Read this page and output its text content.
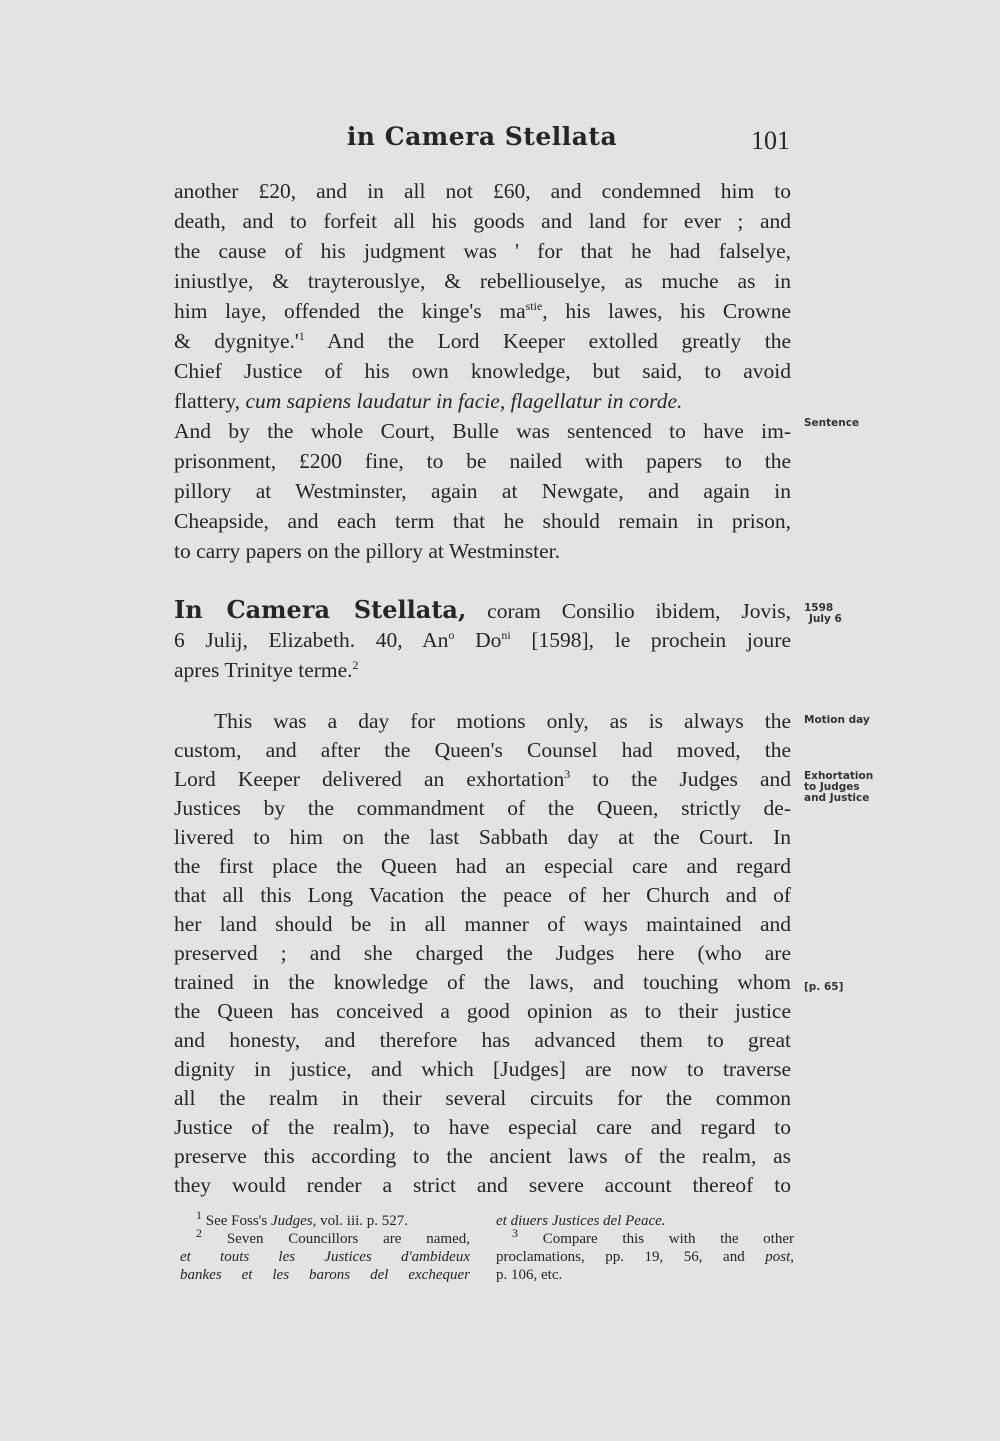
in Camera Stellata	101
another £20, and in all not £60, and condemned him to
death, and to forfeit all his goods and land for ever ; and
the cause of his judgment was ' for that he had falselye,
iniustlye, & trayterouslye, & rebelliouselye, as muche as in
him laye, offended the kinge's $ma^{stie}$, his lawes, his Crowne
& $dygnitye.'^1$ And the Lord Keeper extolled greatly the
Chief Justice of his own knowledge, but said, to avoid
flattery, cum sapiens laudatur in facie, flagellatur in corde.
And by the whole Court, Bulle was sentenced to have im-
prisonment, £200 fine, to be nailed with papers to the
pillory at Westminster, again at Newgate, and again in
Cheapside, and each term that he should remain in prison,
to carry papers on the pillory at Westminster.
In Camera Stellata, coram Consilio ibidem, Jovis,
6 Julij, Elizabeth. 40, An$^o$ $Do^{ni}$ [1598], le prochein joure
apres Trinitye terme.$^2$
This was a day for motions only, as is always the
custom, and after the Queen's Counsel had moved, the
Lord Keeper delivered an exhortation$^3$ to the Judges and
Justices by the commandment of the Queen, strictly de-
livered to him on the last Sabbath day at the Court. In
the first place the Queen had an especial care and regard
that all this Long Vacation the peace of her Church and of
her land should be in all manner of ways maintained and
preserved ; and she charged the Judges here (who are
trained in the knowledge of the laws, and touching whom
the Queen has conceived a good opinion as to their justice
and honesty, and therefore has advanced them to great
dignity in justice, and which [Judges] are now to traverse
all the realm in their several circuits for the common
Justice of the realm), to have especial care and regard to
preserve this according to the ancient laws of the realm, as
they would render a strict and severe account thereof to
Sentence
1598
July 6
Motion day
Exhortation
to Judges
and Justice
[p. 65]
$^1$ See Foss's Judges, vol. iii. p. 527.
$^2$ Seven Councillors are named,
et touts les Justices d'ambideux
bankes et les barons del exchequer
et diuers Justices del Peace.
$^3$ Compare this with the other
proclamations, pp. 19, 56, and post,
p. 106, etc.
